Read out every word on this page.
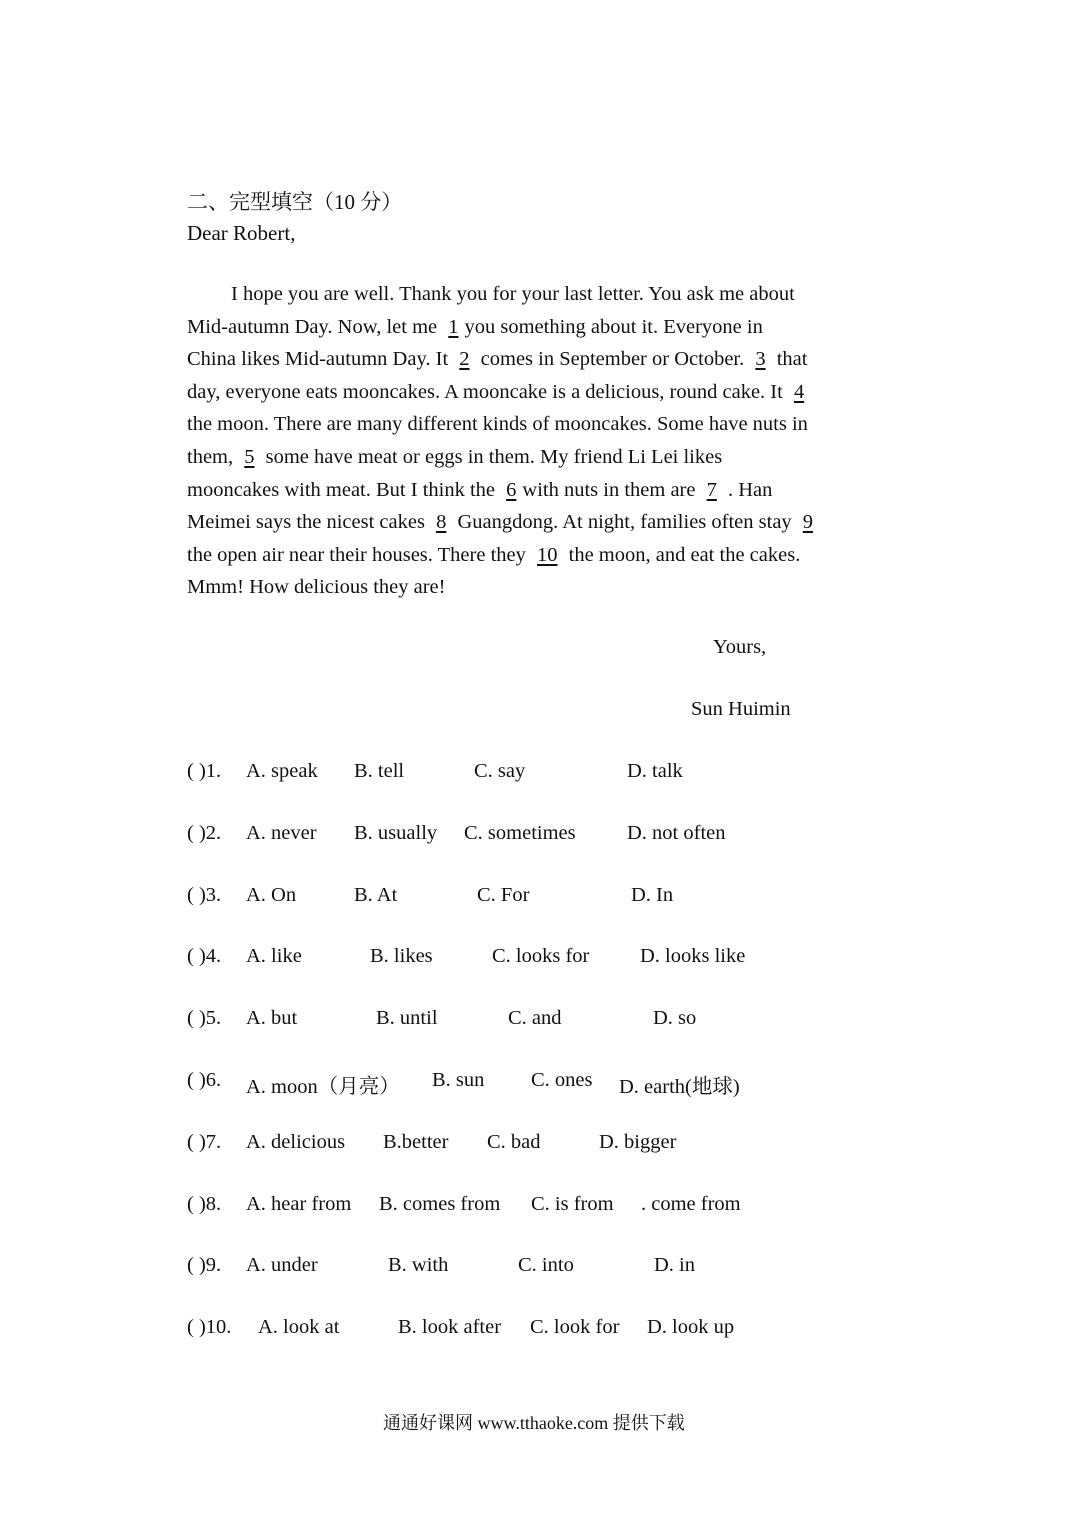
二、完型填空（10 分）
Dear Robert,
I hope you are well. Thank you for your last letter. You ask me about
Mid-autumn Day. Now, let me 1 you something about it. Everyone in
China likes Mid-autumn Day. It 2 comes in September or October. 3 that
day, everyone eats mooncakes. A mooncake is a delicious, round cake. It 4
the moon. There are many different kinds of mooncakes. Some have nuts in
them, 5 some have meat or eggs in them. My friend Li Lei likes
mooncakes with meat. But I think the 6 with nuts in them are 7 . Han
Meimei says the nicest cakes 8 Guangdong. At night, families often stay 9
the open air near their houses. There they 10 the moon, and eat the cakes.
Mmm! How delicious they are!
Yours,
Sun Huimin
( )1. A. speak B. tell	C. say	D. talk
( )2. A. never B. usually C. sometimes	D. not often
( )3. A. On	B. At	C. For	D. In
( )4. A. like	B. likes	C. looks for D. looks like
( )5. A. but	B. until	C. and	D. so
( )6. A. moon（月亮） B. sun C. ones D. earth(地球)
( )7. A. delicious B.better C. bad	D. bigger
( )8. A. hear from B. comes from C. is from . come from
( )9. A. under	B. with	C. into	D. in
( )10. A. look at	B. look after C. look for D. look up
通通好课网 www.tthaoke.com 提供下载
